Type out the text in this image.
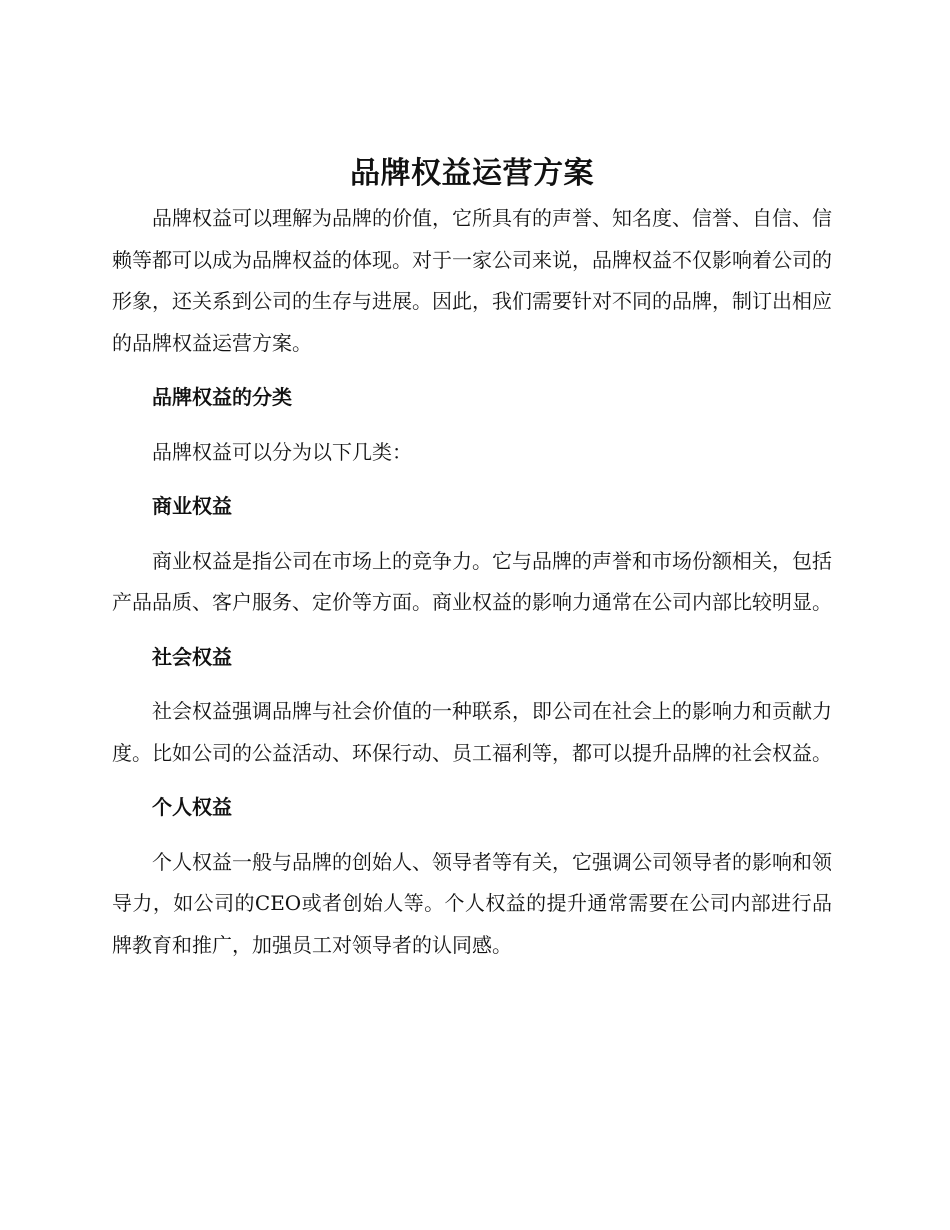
品牌权益运营方案

品牌权益可以理解为品牌的价值，它所具有的声誉、知名度、信誉、自信、信赖等都可以成为品牌权益的体现。对于一家公司来说，品牌权益不仅影响着公司的形象，还关系到公司的生存与进展。因此，我们需要针对不同的品牌，制订出相应的品牌权益运营方案。

品牌权益的分类

品牌权益可以分为以下几类：

商业权益

商业权益是指公司在市场上的竞争力。它与品牌的声誉和市场份额相关，包括产品品质、客户服务、定价等方面。商业权益的影响力通常在公司内部比较明显。

社会权益

社会权益强调品牌与社会价值的一种联系，即公司在社会上的影响力和贡献力度。比如公司的公益活动、环保行动、员工福利等，都可以提升品牌的社会权益。

个人权益

个人权益一般与品牌的创始人、领导者等有关，它强调公司领导者的影响和领导力，如公司的CEO或者创始人等。个人权益的提升通常需要在公司内部进行品牌教育和推广，加强员工对领导者的认同感。
